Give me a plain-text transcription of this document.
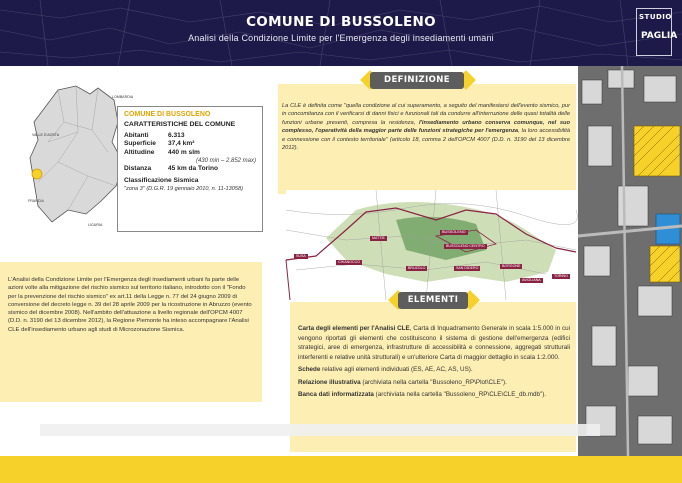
COMUNE DI BUSSOLENO
Analisi della Condizione Limite per l'Emergenza degli insediamenti umani
STUDIO
PAGLIA
VALLE D'AOSTA
LOMBARDIA
LIGURIA
FRANCIA
COMUNE DI BUSSOLENO
CARATTERISTICHE DEL COMUNE
Abitanti	6.313
Superficie	37,4 km²
Altitudine	440 m slm
(430 min – 2.852 max)
Distanza	45 km da Torino
Classificazione Sismica
"zona 3" (D.G.R. 19 gennaio 2010, n. 11-13058)
L'Analisi della Condizione Limite per l'Emergenza degli insediamenti urbani fa parte delle azioni volte alla mitigazione del rischio sismico sul territorio italiano, introdotto con il "Fondo per la prevenzione del rischio sismico" ex art.11 della Legge n. 77 del 24 giugno 2009 di conversione del decreto legge n. 39 del 28 aprile 2009 per la ricostruzione in Abruzzo (evento sismico del dicembre 2008). Nell'ambito dell'attuazione a livello regionale dell'OPCM 4007 (D.D. n. 3190 del 13 dicembre 2012), la Regione Piemonte ha inteso accompagnare l'Analisi CLE dell'insediamento urbano agli studi di Microzonazione Sismica.
La CLE è definita come "quella condizione al cui superamento, a seguito del manifestarsi dell'evento sismico, pur in concomitanza con il verificarsi di danni fisici e funzionali tali da condurre all'interruzione delle quasi totalità delle funzioni urbane presenti, compresa la residenza, l'insediamento urbano conserva comunque, nel suo complesso, l'operatività della maggior parte delle funzioni strategiche per l'emergenza, la loro accessibilità e connessione con il contesto territoriale" (articolo 18, comma 2 dell'OPCM 4007 (D.D. n. 3190 del 13 dicembre 2012).
DEFINIZIONE
BUSSOLENO
SUSA
CHIANOCCO
BRUZOLO	SAN DIDERO	BORGONE
AVIGLIANA
TORINO
MATTIE
BUSSOLENO CENTRO

Carta degli elementi per l'Analisi CLE, Carta di Inquadramento Generale in scala 1:5.000 in cui vengono riportati gli elementi che costituiscono il sistema di gestione dell'emergenza (edifici strategici, aree di emergenza, infrastrutture di accessibilità e connessione, aggregati strutturali interferenti e relative unità strutturali) e un'ulteriore Carta di maggior dettaglio in scala 1:2.000.

Schede relative agli elementi individuati (ES, AE, AC, AS, US).

Relazione illustrativa (archiviata nella cartella "Bussoleno_RP\Plot\CLE").

Banca dati informatizzata (archiviata nella cartella "Bussoleno_RP\CLE\CLE_db.mdb").

ELEMENTI
